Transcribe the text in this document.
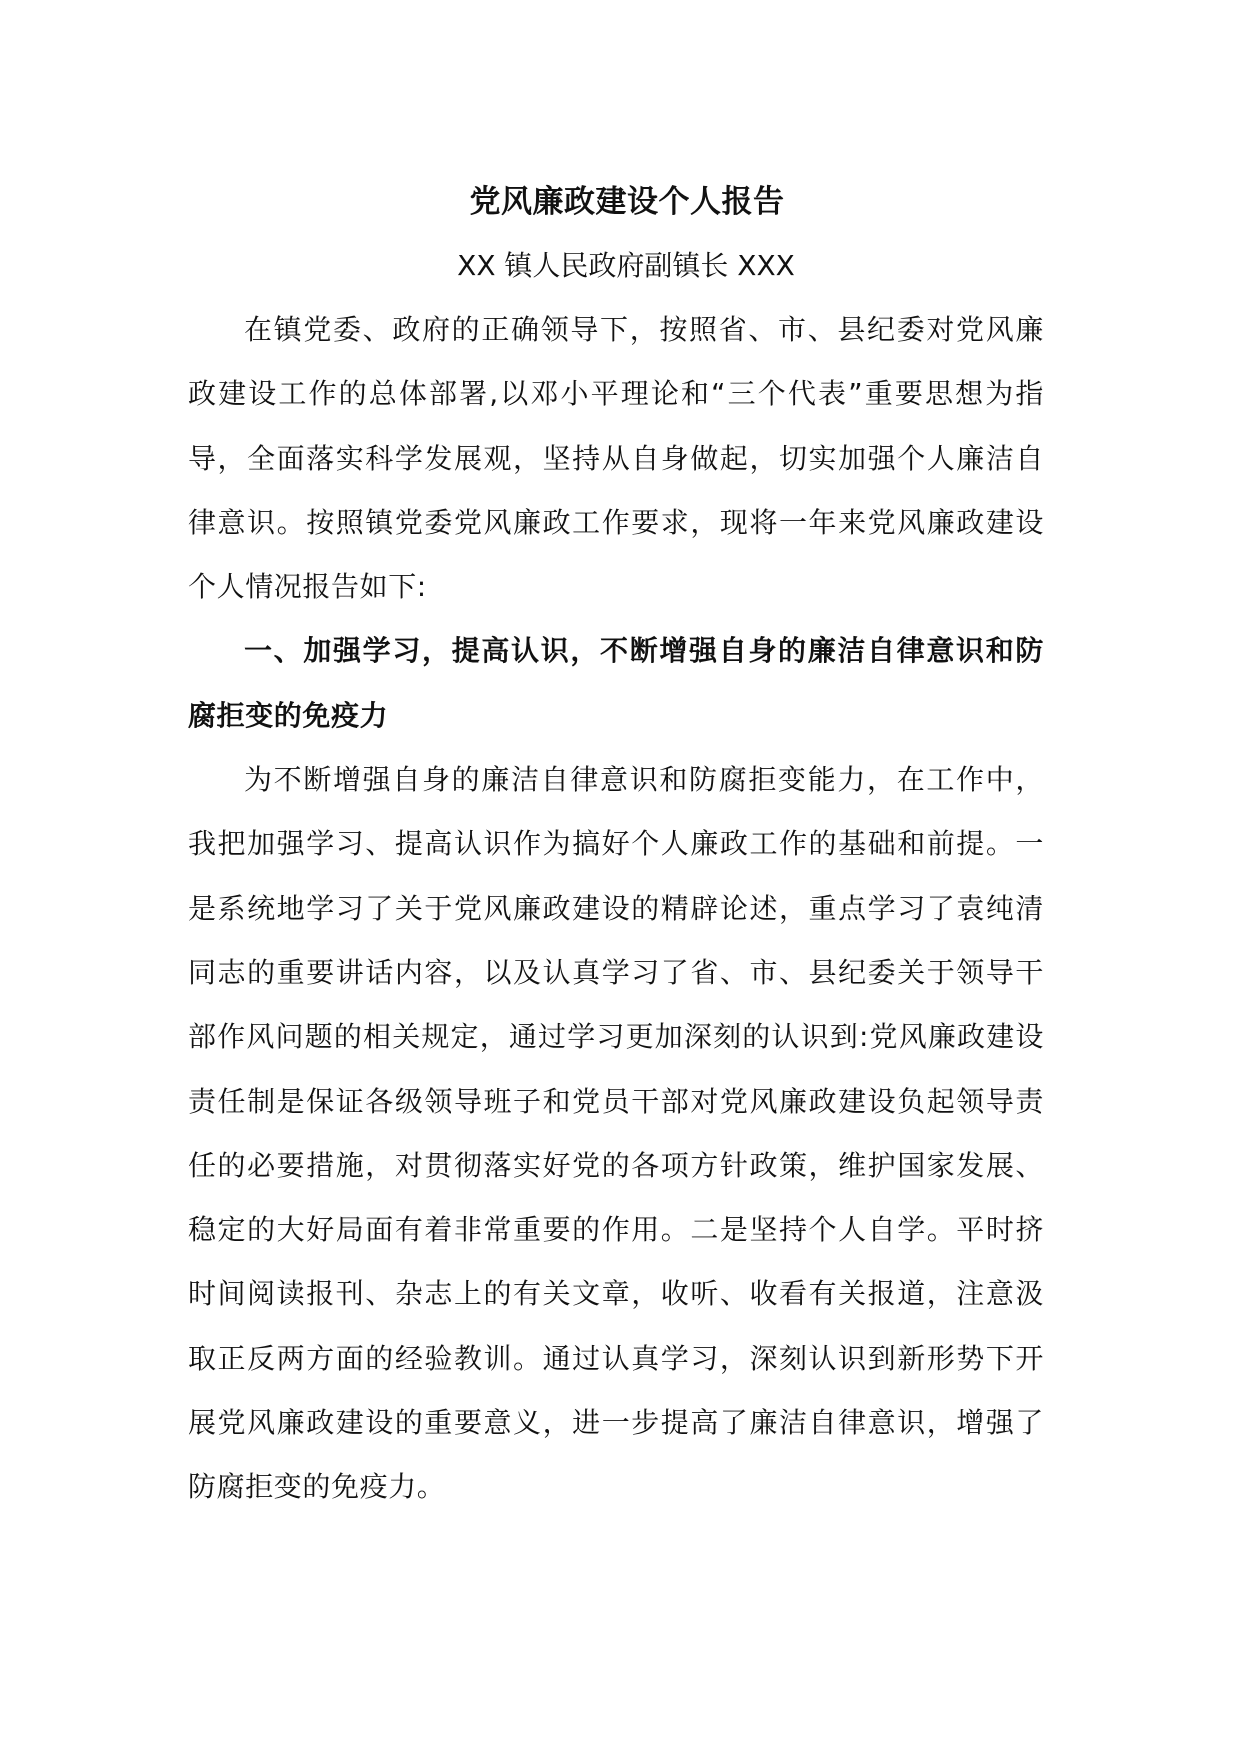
党风廉政建设个人报告
XX 镇人民政府副镇长 XXX

在镇党委、政府的正确领导下，按照省、市、县纪委对党风廉政建设工作的总体部署,以邓小平理论和“三个代表”重要思想为指导，全面落实科学发展观，坚持从自身做起，切实加强个人廉洁自律意识。按照镇党委党风廉政工作要求，现将一年来党风廉政建设个人情况报告如下:

一、加强学习，提高认识，不断增强自身的廉洁自律意识和防腐拒变的免疫力

为不断增强自身的廉洁自律意识和防腐拒变能力，在工作中，我把加强学习、提高认识作为搞好个人廉政工作的基础和前提。一是系统地学习了关于党风廉政建设的精辟论述，重点学习了袁纯清同志的重要讲话内容，以及认真学习了省、市、县纪委关于领导干部作风问题的相关规定，通过学习更加深刻的认识到:党风廉政建设责任制是保证各级领导班子和党员干部对党风廉政建设负起领导责任的必要措施，对贯彻落实好党的各项方针政策，维护国家发展、稳定的大好局面有着非常重要的作用。二是坚持个人自学。平时挤时间阅读报刊、杂志上的有关文章，收听、收看有关报道，注意汲取正反两方面的经验教训。通过认真学习，深刻认识到新形势下开展党风廉政建设的重要意义，进一步提高了廉洁自律意识，增强了防腐拒变的免疫力。
